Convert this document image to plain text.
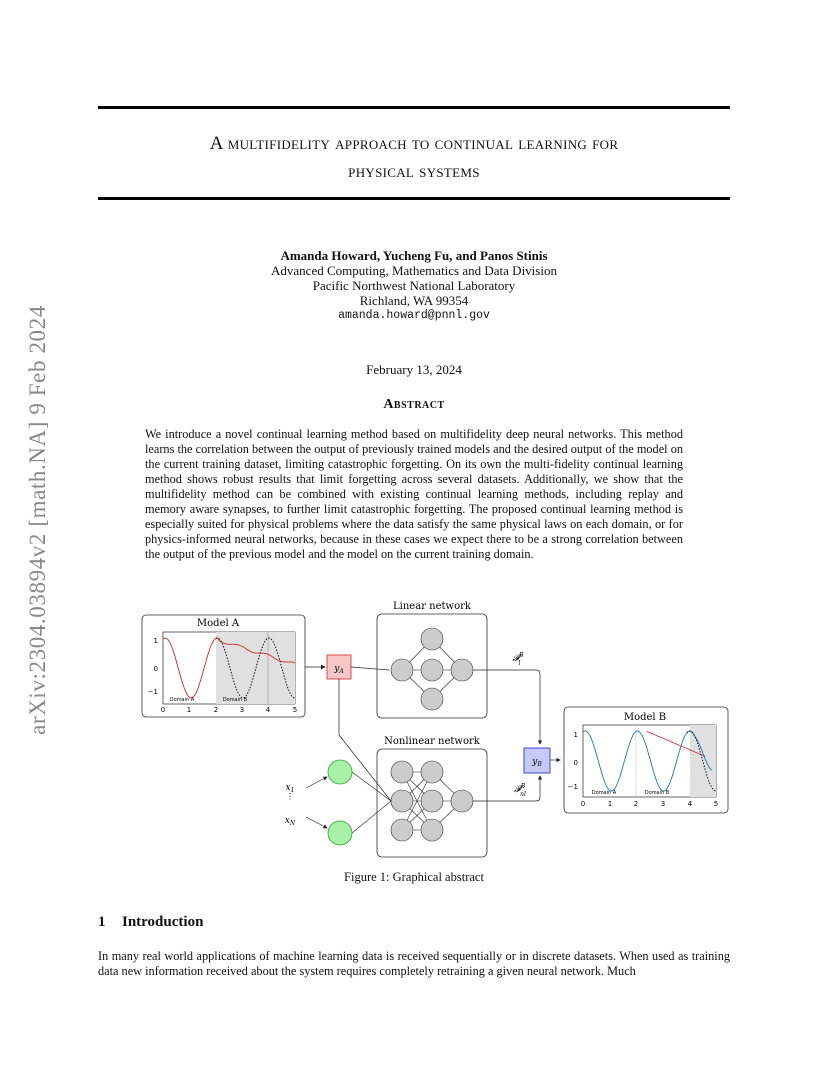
arXiv:2304.03894v2 [math.NA] 9 Feb 2024
A multifidelity approach to continual learning for
physical systems
Amanda Howard, Yucheng Fu, and Panos Stinis
Advanced Computing, Mathematics and Data Division
Pacific Northwest National Laboratory
Richland, WA 99354
amanda.howard@pnnl.gov
February 13, 2024
Abstract
We introduce a novel continual learning method based on multifidelity deep neural networks. This method learns the correlation between the output of previously trained models and the desired output of the model on the current training dataset, limiting catastrophic forgetting. On its own the multi-fidelity continual learning method shows robust results that limit forgetting across several datasets. Additionally, we show that the multifidelity method can be combined with existing continual learning methods, including replay and memory aware synapses, to further limit catastrophic forgetting. The proposed continual learning method is especially suited for physical problems where the data satisfy the same physical laws on each domain, or for physics-informed neural networks, because in these cases we expect there to be a strong correlation between the output of the previous model and the model on the current training domain.
Model A
1
0
−1
0	1	2	3	4	5
Domain A	Domain B
$y_A$
Linear network
Nonlinear network
$x_1$
⋮
$x_N$
𝓕$^B$ l
𝓕$^B$ nl
$y_B$
Model B
1
0
−1
0	1	2	3	4	5
Domain A	Domain B
Figure 1: Graphical abstract
1 Introduction
In many real world applications of machine learning data is received sequentially or in discrete datasets. When used as training data new information received about the system requires completely retraining a given neural network. Much
